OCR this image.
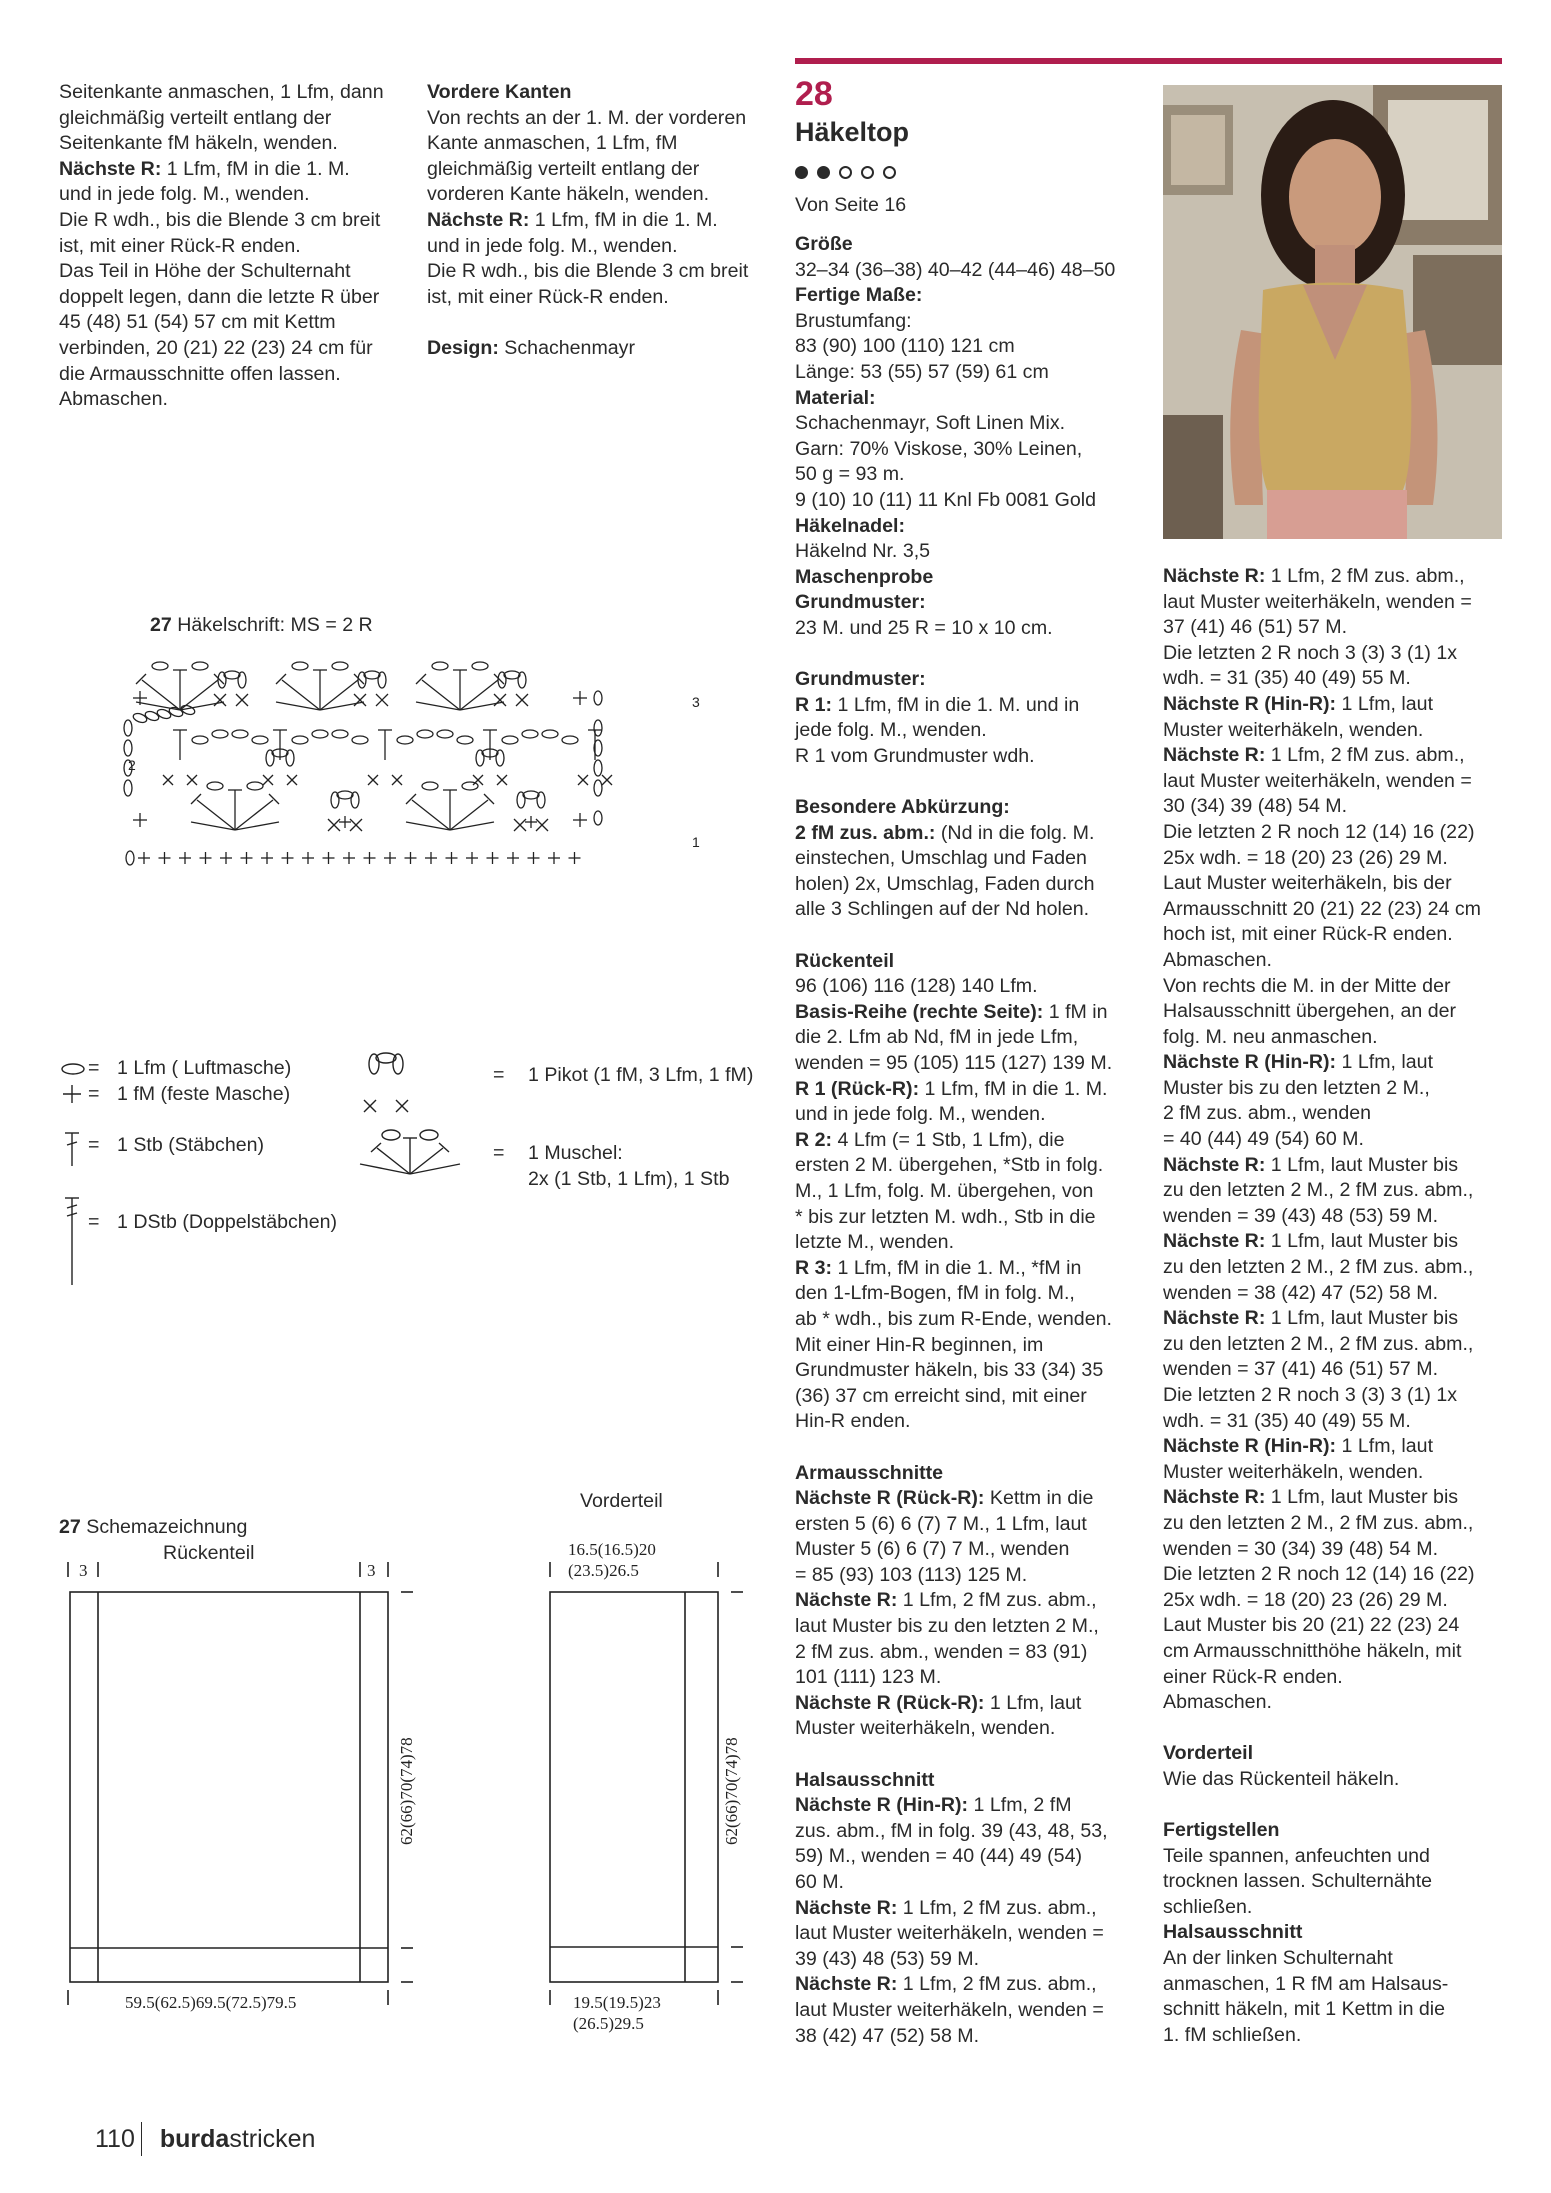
Seitenkante anmaschen, 1 Lfm, dann

gleichmäßig verteilt entlang der

Seitenkante fM häkeln, wenden.

Nächste R: 1 Lfm, fM in die 1. M.

und in jede folg. M., wenden.

Die R wdh., bis die Blende 3 cm breit

ist, mit einer Rück-R enden.

Das Teil in Höhe der Schulternaht

doppelt legen, dann die letzte R über

45 (48) 51 (54) 57 cm mit Kettm

verbinden, 20 (21) 22 (23) 24 cm für

die Armausschnitte offen lassen.

Abmaschen.

Vordere Kanten

Von rechts an der 1. M. der vorderen

Kante anmaschen, 1 Lfm, fM

gleichmäßig verteilt entlang der

vorderen Kante häkeln, wenden.

Nächste R: 1 Lfm, fM in die 1. M.

und in jede folg. M., wenden.

Die R wdh., bis die Blende 3 cm breit

ist, mit einer Rück-R enden.

Design: Schachenmayr

28
Häkeltop
Von Seite 16

Größe

32–34 (36–38) 40–42 (44–46) 48–50

Fertige Maße:

Brustumfang:

83 (90) 100 (110) 121 cm

Länge: 53 (55) 57 (59) 61 cm

Material:

Schachenmayr, Soft Linen Mix.

Garn: 70% Viskose, 30% Leinen,

50 g = 93 m.

9 (10) 10 (11) 11 Knl Fb 0081 Gold

Häkelnadel:

Häkelnd Nr. 3,5

Maschenprobe

Grundmuster:

23 M. und 25 R = 10 x 10 cm.

Grundmuster:

R 1: 1 Lfm, fM in die 1. M. und in

jede folg. M., wenden.

R 1 vom Grundmuster wdh.

Besondere Abkürzung:

2 fM zus. abm.: (Nd in die folg. M.

einstechen, Umschlag und Faden

holen) 2x, Umschlag, Faden durch

alle 3 Schlingen auf der Nd holen.

Rückenteil

96 (106) 116 (128) 140 Lfm.

Basis-Reihe (rechte Seite): 1 fM in

die 2. Lfm ab Nd, fM in jede Lfm,

wenden = 95 (105) 115 (127) 139 M.

R 1 (Rück-R): 1 Lfm, fM in die 1. M.

und in jede folg. M., wenden.

R 2: 4 Lfm (= 1 Stb, 1 Lfm), die

ersten 2 M. übergehen, *Stb in folg.

M., 1 Lfm, folg. M. übergehen, von

* bis zur letzten M. wdh., Stb in die

letzte M., wenden.

R 3: 1 Lfm, fM in die 1. M., *fM in

den 1-Lfm-Bogen, fM in folg. M.,

ab * wdh., bis zum R-Ende, wenden.

Mit einer Hin-R beginnen, im

Grundmuster häkeln, bis 33 (34) 35

(36) 37 cm erreicht sind, mit einer

Hin-R enden.

Armausschnitte

Nächste R (Rück-R): Kettm in die

ersten 5 (6) 6 (7) 7 M., 1 Lfm, laut

Muster 5 (6) 6 (7) 7 M., wenden

= 85 (93) 103 (113) 125 M.

Nächste R: 1 Lfm, 2 fM zus. abm.,

laut Muster bis zu den letzten 2 M.,

2 fM zus. abm., wenden = 83 (91)

101 (111) 123 M.

Nächste R (Rück-R): 1 Lfm, laut

Muster weiterhäkeln, wenden.

Halsausschnitt

Nächste R (Hin-R): 1 Lfm, 2 fM

zus. abm., fM in folg. 39 (43, 48, 53,

59) M., wenden = 40 (44) 49 (54)

60 M.

Nächste R: 1 Lfm, 2 fM zus. abm.,

laut Muster weiterhäkeln, wenden =

39 (43) 48 (53) 59 M.

Nächste R: 1 Lfm, 2 fM zus. abm.,

laut Muster weiterhäkeln, wenden =

38 (42) 47 (52) 58 M.

Nächste R: 1 Lfm, 2 fM zus. abm.,

laut Muster weiterhäkeln, wenden =

37 (41) 46 (51) 57 M.

Die letzten 2 R noch 3 (3) 3 (1) 1x

wdh. = 31 (35) 40 (49) 55 M.

Nächste R (Hin-R): 1 Lfm, laut

Muster weiterhäkeln, wenden.

Nächste R: 1 Lfm, 2 fM zus. abm.,

laut Muster weiterhäkeln, wenden =

30 (34) 39 (48) 54 M.

Die letzten 2 R noch 12 (14) 16 (22)

25x wdh. = 18 (20) 23 (26) 29 M.

Laut Muster weiterhäkeln, bis der

Armausschnitt 20 (21) 22 (23) 24 cm

hoch ist, mit einer Rück-R enden.

Abmaschen.

Von rechts die M. in der Mitte der

Halsausschnitt übergehen, an der

folg. M. neu anmaschen.

Nächste R (Hin-R): 1 Lfm, laut

Muster bis zu den letzten 2 M.,

2 fM zus. abm., wenden

= 40 (44) 49 (54) 60 M.

Nächste R: 1 Lfm, laut Muster bis

zu den letzten 2 M., 2 fM zus. abm.,

wenden = 39 (43) 48 (53) 59 M.

Nächste R: 1 Lfm, laut Muster bis

zu den letzten 2 M., 2 fM zus. abm.,

wenden = 38 (42) 47 (52) 58 M.

Nächste R: 1 Lfm, laut Muster bis

zu den letzten 2 M., 2 fM zus. abm.,

wenden = 37 (41) 46 (51) 57 M.

Die letzten 2 R noch 3 (3) 3 (1) 1x

wdh. = 31 (35) 40 (49) 55 M.

Nächste R (Hin-R): 1 Lfm, laut

Muster weiterhäkeln, wenden.

Nächste R: 1 Lfm, laut Muster bis

zu den letzten 2 M., 2 fM zus. abm.,

wenden = 30 (34) 39 (48) 54 M.

Die letzten 2 R noch 12 (14) 16 (22)

25x wdh. = 18 (20) 23 (26) 29 M.

Laut Muster bis 20 (21) 22 (23) 24

cm Armausschnitthöhe häkeln, mit

einer Rück-R enden.

Abmaschen.

Vorderteil

Wie das Rückenteil häkeln.

Fertigstellen

Teile spannen, anfeuchten und

trocknen lassen. Schulternähte

schließen.

Halsausschnitt

An der linken Schulternaht

anmaschen, 1 R fM am Halsaus-

schnitt häkeln, mit 1 Kettm in die

1. fM schließen.

27 Häkelschrift: MS = 2 R
3
2
1
= 1 Lfm ( Luftmasche)
= 1 fM (feste Masche)
= 1 Stb (Stäbchen)
= 1 DStb (Doppelstäbchen)
= 1 Pikot (1 fM, 3 Lfm, 1 fM)
= 1 Muschel:
2x (1 Stb, 1 Lfm), 1 Stb
27 Schemazeichnung
Rückenteil
Vorderteil
3	3
62(66)70(74)78
59.5(62.5)69.5(72.5)79.5
16.5(16.5)20
(23.5)26.5
62(66)70(74)78
19.5(19.5)23
(26.5)29.5
110 burdastricken
